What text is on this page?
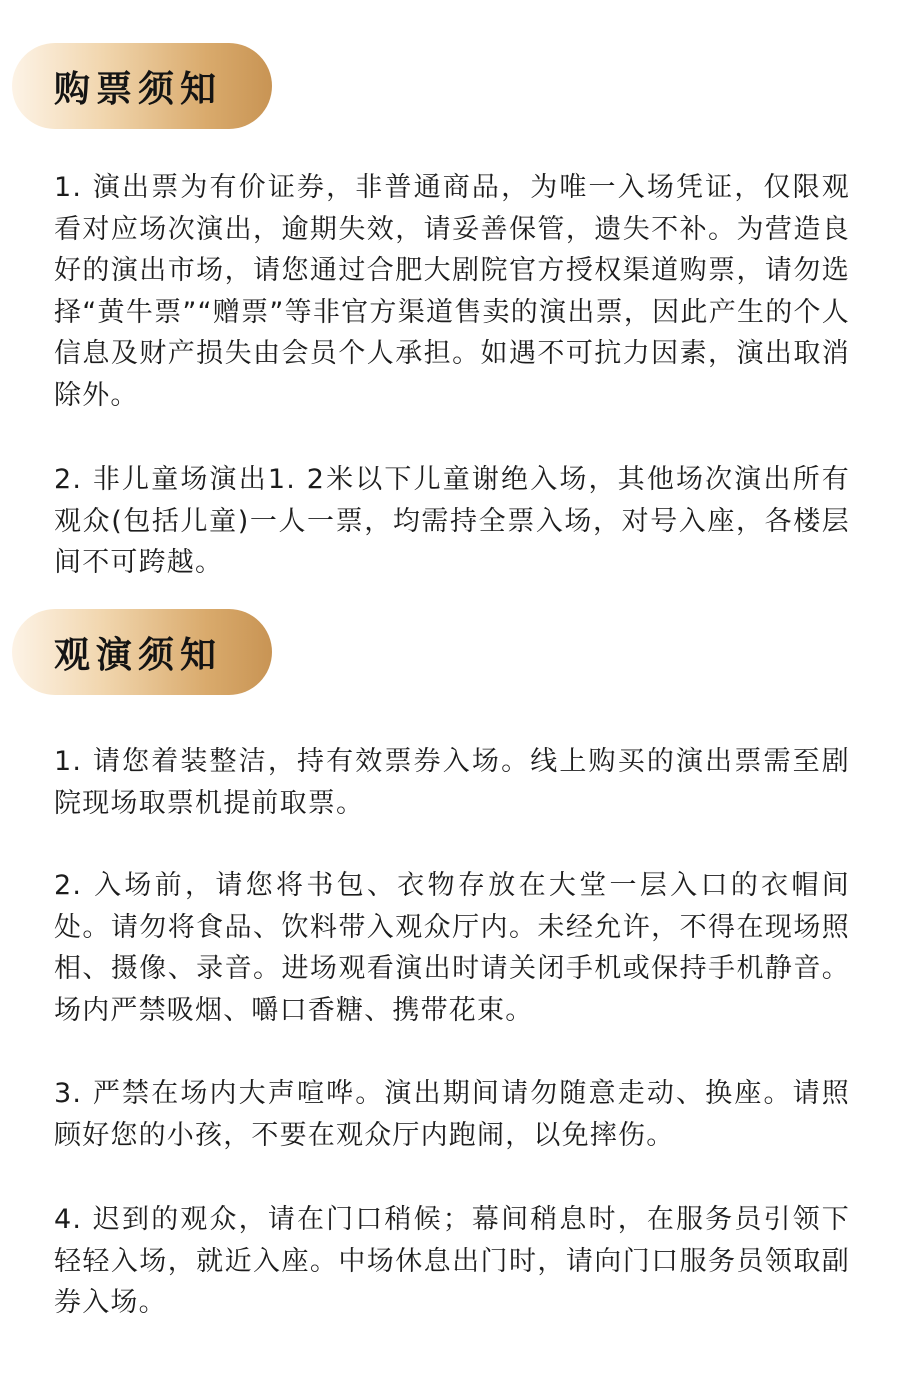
购票须知

1. 演出票为有价证券，非普通商品，为唯一入场凭证，仅限观看对应场次演出，逾期失效，请妥善保管，遗失不补。为营造良好的演出市场，请您通过合肥大剧院官方授权渠道购票，请勿选择“黄牛票”“赠票”等非官方渠道售卖的演出票，因此产生的个人信息及财产损失由会员个人承担。如遇不可抗力因素，演出取消除外。

2. 非儿童场演出1. 2米以下儿童谢绝入场，其他场次演出所有观众(包括儿童)一人一票，均需持全票入场，对号入座，各楼层间不可跨越。

观演须知

1. 请您着装整洁，持有效票券入场。线上购买的演出票需至剧院现场取票机提前取票。

2. 入场前，请您将书包、衣物存放在大堂一层入口的衣帽间处。请勿将食品、饮料带入观众厅内。未经允许，不得在现场照相、摄像、录音。进场观看演出时请关闭手机或保持手机静音。场内严禁吸烟、嚼口香糖、携带花束。

3. 严禁在场内大声喧哗。演出期间请勿随意走动、换座。请照顾好您的小孩，不要在观众厅内跑闹，以免摔伤。

4. 迟到的观众，请在门口稍候；幕间稍息时，在服务员引领下轻轻入场，就近入座。中场休息出门时，请向门口服务员领取副券入场。
